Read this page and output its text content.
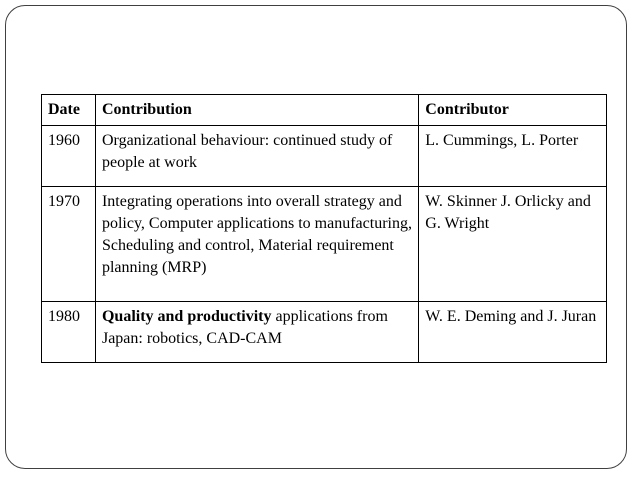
Date	Contribution	Contributor
1960	Organizational behaviour: continued study of people at work	L. Cummings, L. Porter
1970	Integrating operations into overall strategy and policy, Computer applications to manufacturing, Scheduling and control, Material requirement planning (MRP)	W. Skinner J. Orlicky and G. Wright
1980	Quality and productivity applications from Japan: robotics, CAD-CAM	W. E. Deming and J. Juran
